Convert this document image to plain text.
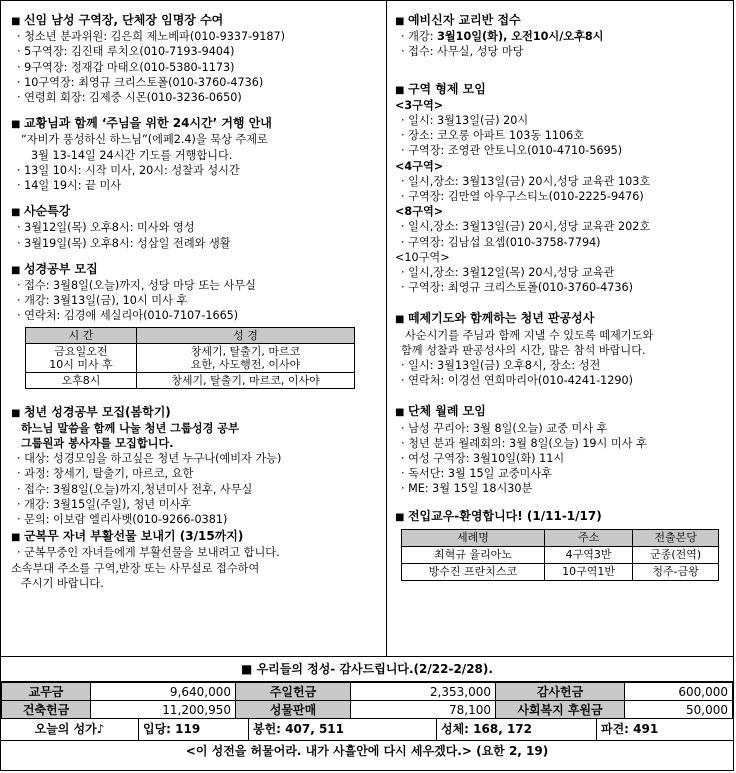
■ 신임 남성 구역장, 단체장 임명장 수여
· 청소년 분과위원: 김은희 제노베파(010-9337-9187)
· 5구역장: 김진태 루치오(010-7193-9404)
· 9구역장: 정재갑 마태오(010-5380-1173)
· 10구역장: 최영규 크리스토폴(010-3760-4736)
· 연령회 회장: 김제중 시몬(010-3236-0650)
■ 교황님과 함께 ‘주님을 위한 24시간’ 거행 안내
“자비가 풍성하신 하느님”(에페2.4)을 묵상 주제로
3월 13-14일 24시간 기도를 거행합니다.
· 13일 10시: 시작 미사, 20시: 성찰과 성시간
· 14일 19시: 끝 미사
■ 사순특강
· 3월12일(목) 오후8시: 미사와 영성
· 3월19일(목) 오후8시: 성삼일 전례와 생활
■ 성경공부 모집
· 접수: 3월8일(오늘)까지, 성당 마당 또는 사무실
· 개강: 3월13일(금), 10시 미사 후
· 연락처: 김경애 세실리아(010-7107-1665)
시 간	성 경
금요일오전
10시 미사 후	창세기, 탈출기, 마르코
요한, 사도행전, 이사야
오후8시	창세기, 탈출기, 마르코, 이사야
■ 청년 성경공부 모집(봄학기)
하느님 말씀을 함께 나눌 청년 그룹성경 공부
그룹원과 봉사자를 모집합니다.
· 대상: 성경모임을 하고싶은 청년 누구나(예비자 가능)
· 과정: 창세기, 탈출기, 마르코, 요한
· 접수: 3월8일(오늘)까지,청년미사 전후, 사무실
· 개강: 3월15일(주일), 청년 미사후
· 문의: 이보람 엘리사벳(010-9266-0381)
■ 군복무 자녀 부활선물 보내기 (3/15까지)
· 군복무중인 자녀들에게 부활선물을 보내려고 합니다.
소속부대 주소를 구역,반장 또는 사무실로 접수하여
주시기 바랍니다.
■ 예비신자 교리반 접수
· 개강: 3월10일(화), 오전10시/오후8시
· 접수: 사무실, 성당 마당
■ 구역 형제 모임
<3구역>
· 일시: 3월13일(금) 20시
· 장소: 코오롱 아파트 103동 1106호
· 구역장: 조영관 안토니오(010-4710-5695)
<4구역>
· 일시,장소: 3월13일(금) 20시,성당 교육관 103호
· 구역장: 김만열 아우구스티노(010-2225-9476)
<8구역>
· 일시,장소: 3월13일(금) 20시,성당 교육관 202호
· 구역장: 김남섭 요셉(010-3758-7794)
<10구역>
· 일시,장소: 3월12일(목) 20시,성당 교육관
· 구역장: 최영규 크리스토폴(010-3760-4736)
■ 떼제기도와 함께하는 청년 판공성사
사순시기를 주님과 함께 지낼 수 있도록 떼제기도와
함께 성찰과 판공성사의 시간, 많은 참석 바랍니다.
· 일시: 3월13일(금) 오후8시, 장소: 성전
· 연락처: 이경선 연희마리아(010-4241-1290)
■ 단체 월례 모임
· 남성 꾸리아: 3월 8일(오늘) 교중 미사 후
· 청년 분과 월례회의: 3월 8일(오늘) 19시 미사 후
· 여성 구역장: 3월10일(화) 11시
· 독서단: 3월 15일 교중미사후
· ME: 3월 15일 18시30분
■ 전입교우-환영합니다! (1/11-1/17)
세례명	주소	전출본당
최혁규 율리아노	4구역3반	군종(전역)
방수진 프란치스코	10구역1반	청주-금왕
■ 우리들의 정성- 감사드립니다.(2/22-2/28).
교무금	9,640,000	주일헌금	2,353,000	감사헌금	600,000
건축헌금	11,200,950	성물판매	78,100	사회복지 후원금	50,000
오늘의 성가♪	입당: 119	봉헌: 407, 511	성체: 168, 172	파견: 491
<이 성전을 허물어라. 내가 사흘안에 다시 세우겠다.> (요한 2, 19)
